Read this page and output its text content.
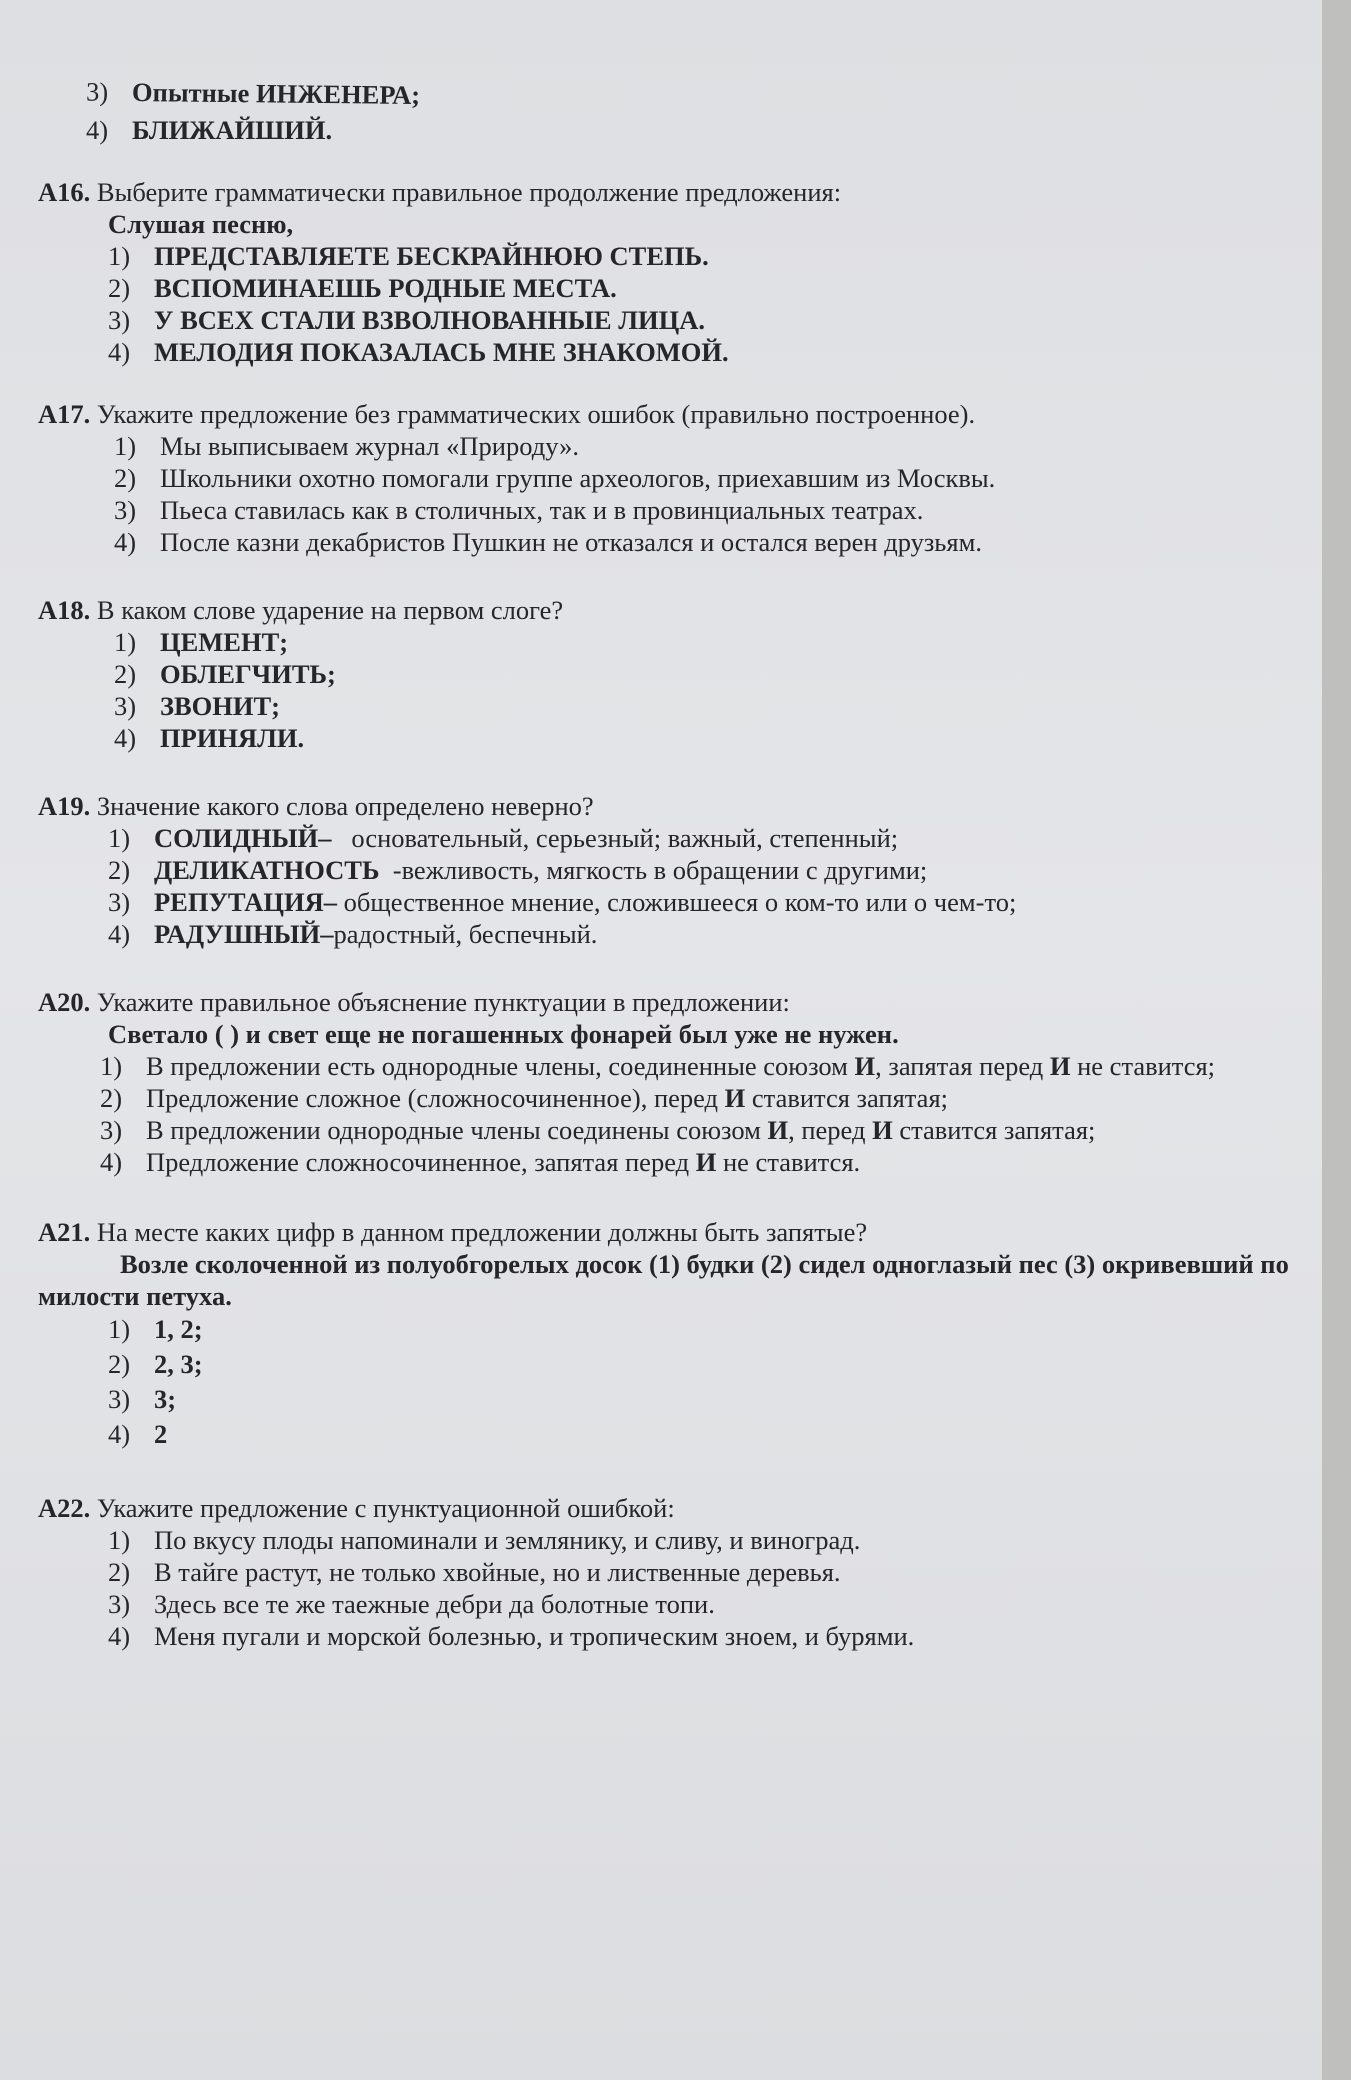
3) Опытные ИНЖЕНЕРА;
4) БЛИЖАЙШИЙ.
A16. Выберите грамматически правильное продолжение предложения:
Слушая песню,
1) ПРЕДСТАВЛЯЕТЕ БЕСКРАЙНЮЮ СТЕПЬ.
2) ВСПОМИНАЕШЬ РОДНЫЕ МЕСТА.
3) У ВСЕХ СТАЛИ ВЗВОЛНОВАННЫЕ ЛИЦА.
4) МЕЛОДИЯ ПОКАЗАЛАСЬ МНЕ ЗНАКОМОЙ.
A17. Укажите предложение без грамматических ошибок (правильно построенное).
1) Мы выписываем журнал «Природу».
2) Школьники охотно помогали группе археологов, приехавшим из Москвы.
3) Пьеса ставилась как в столичных, так и в провинциальных театрах.
4) После казни декабристов Пушкин не отказался и остался верен друзьям.
A18. В каком слове ударение на первом слоге?
1) ЦЕМЕНТ;
2) ОБЛЕГЧИТЬ;
3) ЗВОНИТ;
4) ПРИНЯЛИ.
A19. Значение какого слова определено неверно?
1) СОЛИДНЫЙ– основательный, серьезный; важный, степенный;
2) ДЕЛИКАТНОСТЬ -вежливость, мягкость в обращении с другими;
3) РЕПУТАЦИЯ– общественное мнение, сложившееся о ком-то или о чем-то;
4) РАДУШНЫЙ–радостный, беспечный.
A20. Укажите правильное объяснение пунктуации в предложении:
Светало ( ) и свет еще не погашенных фонарей был уже не нужен.
1) В предложении есть однородные члены, соединенные союзом И, запятая перед И не ставится;
2) Предложение сложное (сложносочиненное), перед И ставится запятая;
3) В предложении однородные члены соединены союзом И, перед И ставится запятая;
4) Предложение сложносочиненное, запятая перед И не ставится.
A21. На месте каких цифр в данном предложении должны быть запятые?
Возле сколоченной из полуобгорелых досок (1) будки (2) сидел одноглазый пес (3) окривевший по милости петуха.
1) 1, 2;
2) 2, 3;
3) 3;
4) 2
A22. Укажите предложение с пунктуационной ошибкой:
1) По вкусу плоды напоминали и землянику, и сливу, и виноград.
2) В тайге растут, не только хвойные, но и лиственные деревья.
3) Здесь все те же таежные дебри да болотные топи.
4) Меня пугали и морской болезнью, и тропическим зноем, и бурями.
